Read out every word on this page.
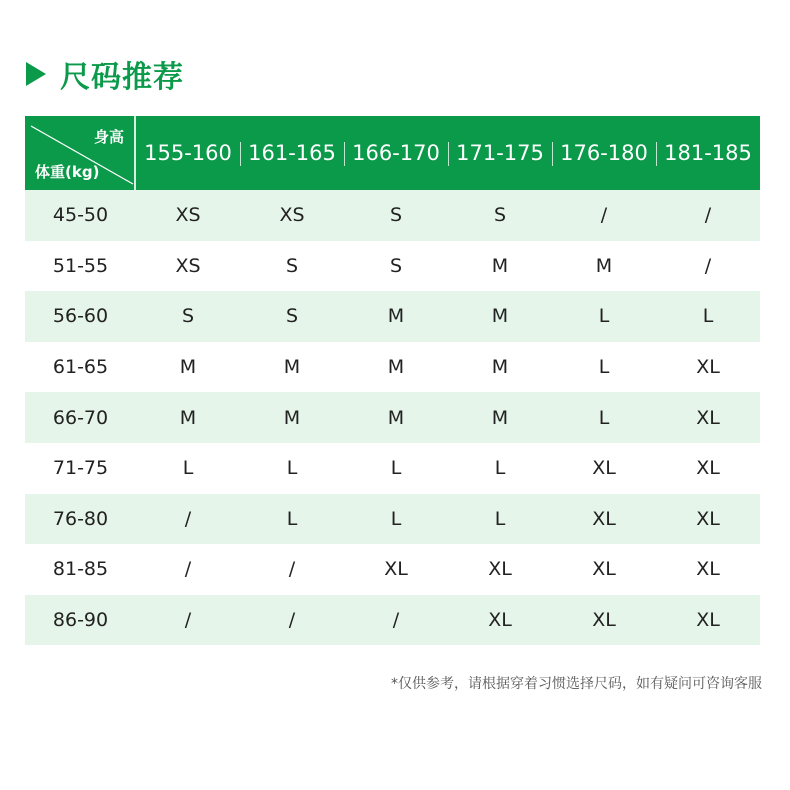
尺码推荐
身高
体重(kg)
155-160 161-165 166-170 171-175 176-180 181-185
45-50	XS	XS	S	S	/	/
51-55	XS	S	S	M	M	/
56-60	S	S	M	M	L	L
61-65	M	M	M	M	L	XL
66-70	M	M	M	M	L	XL
71-75	L	L	L	L	XL	XL
76-80	/	L	L	L	XL	XL
81-85	/	/	XL	XL	XL	XL
86-90	/	/	/	XL	XL	XL
*仅供参考，请根据穿着习惯选择尺码，如有疑问可咨询客服
